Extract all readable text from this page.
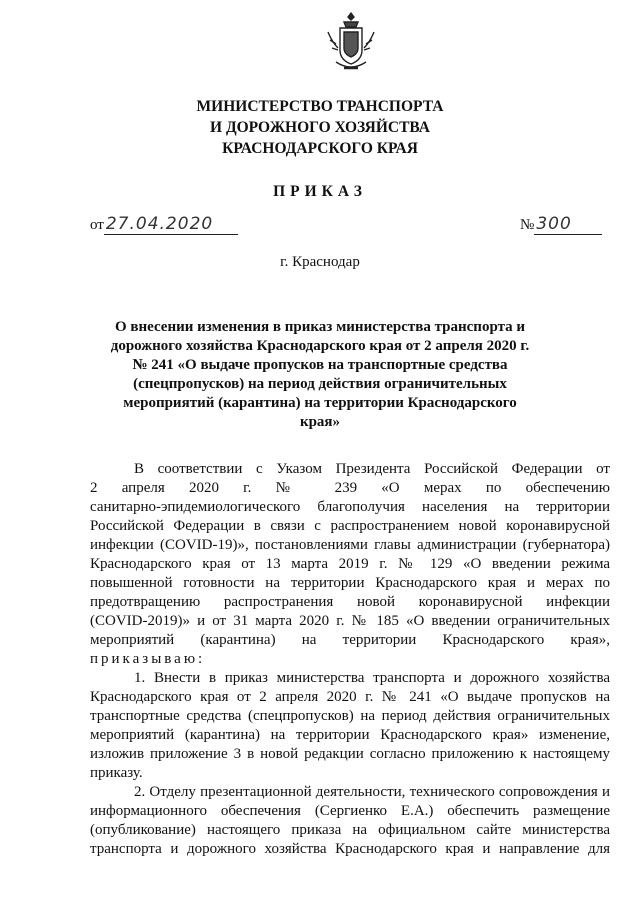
МИНИСТЕРСТВО ТРАНСПОРТА
И ДОРОЖНОГО ХОЗЯЙСТВА
КРАСНОДАРСКОГО КРАЯ
ПРИКАЗ
от 27.04.2020	№ 300
г. Краснодар
О внесении изменения в приказ министерства транспорта и
дорожного хозяйства Краснодарского края от 2 апреля 2020 г.
№ 241 «О выдаче пропусков на транспортные средства
(спецпропусков) на период действия ограничительных
мероприятий (карантина) на территории Краснодарского
края»
В соответствии с Указом Президента Российской Федерации от
2 апреля 2020 г. № 239 «О мерах по обеспечению
санитарно-эпидемиологического благополучия населения на территории
Российской Федерации в связи с распространением новой коронавирусной
инфекции (COVID-19)», постановлениями главы администрации (губернатора)
Краснодарского края от 13 марта 2019 г. № 129 «О введении режима
повышенной готовности на территории Краснодарского края и мерах по
предотвращению распространения новой коронавирусной инфекции
(COVID-2019)» и от 31 марта 2020 г. № 185 «О введении ограничительных
мероприятий (карантина) на территории Краснодарского края»,
приказываю:
1. Внести в приказ министерства транспорта и дорожного хозяйства
Краснодарского края от 2 апреля 2020 г. № 241 «О выдаче пропусков на
транспортные средства (спецпропусков) на период действия ограничительных
мероприятий (карантина) на территории Краснодарского края» изменение,
изложив приложение 3 в новой редакции согласно приложению к настоящему
приказу.
2. Отделу презентационной деятельности, технического сопровождения и
информационного обеспечения (Сергиенко Е.А.) обеспечить размещение
(опубликование) настоящего приказа на официальном сайте министерства
транспорта и дорожного хозяйства Краснодарского края и направление для
